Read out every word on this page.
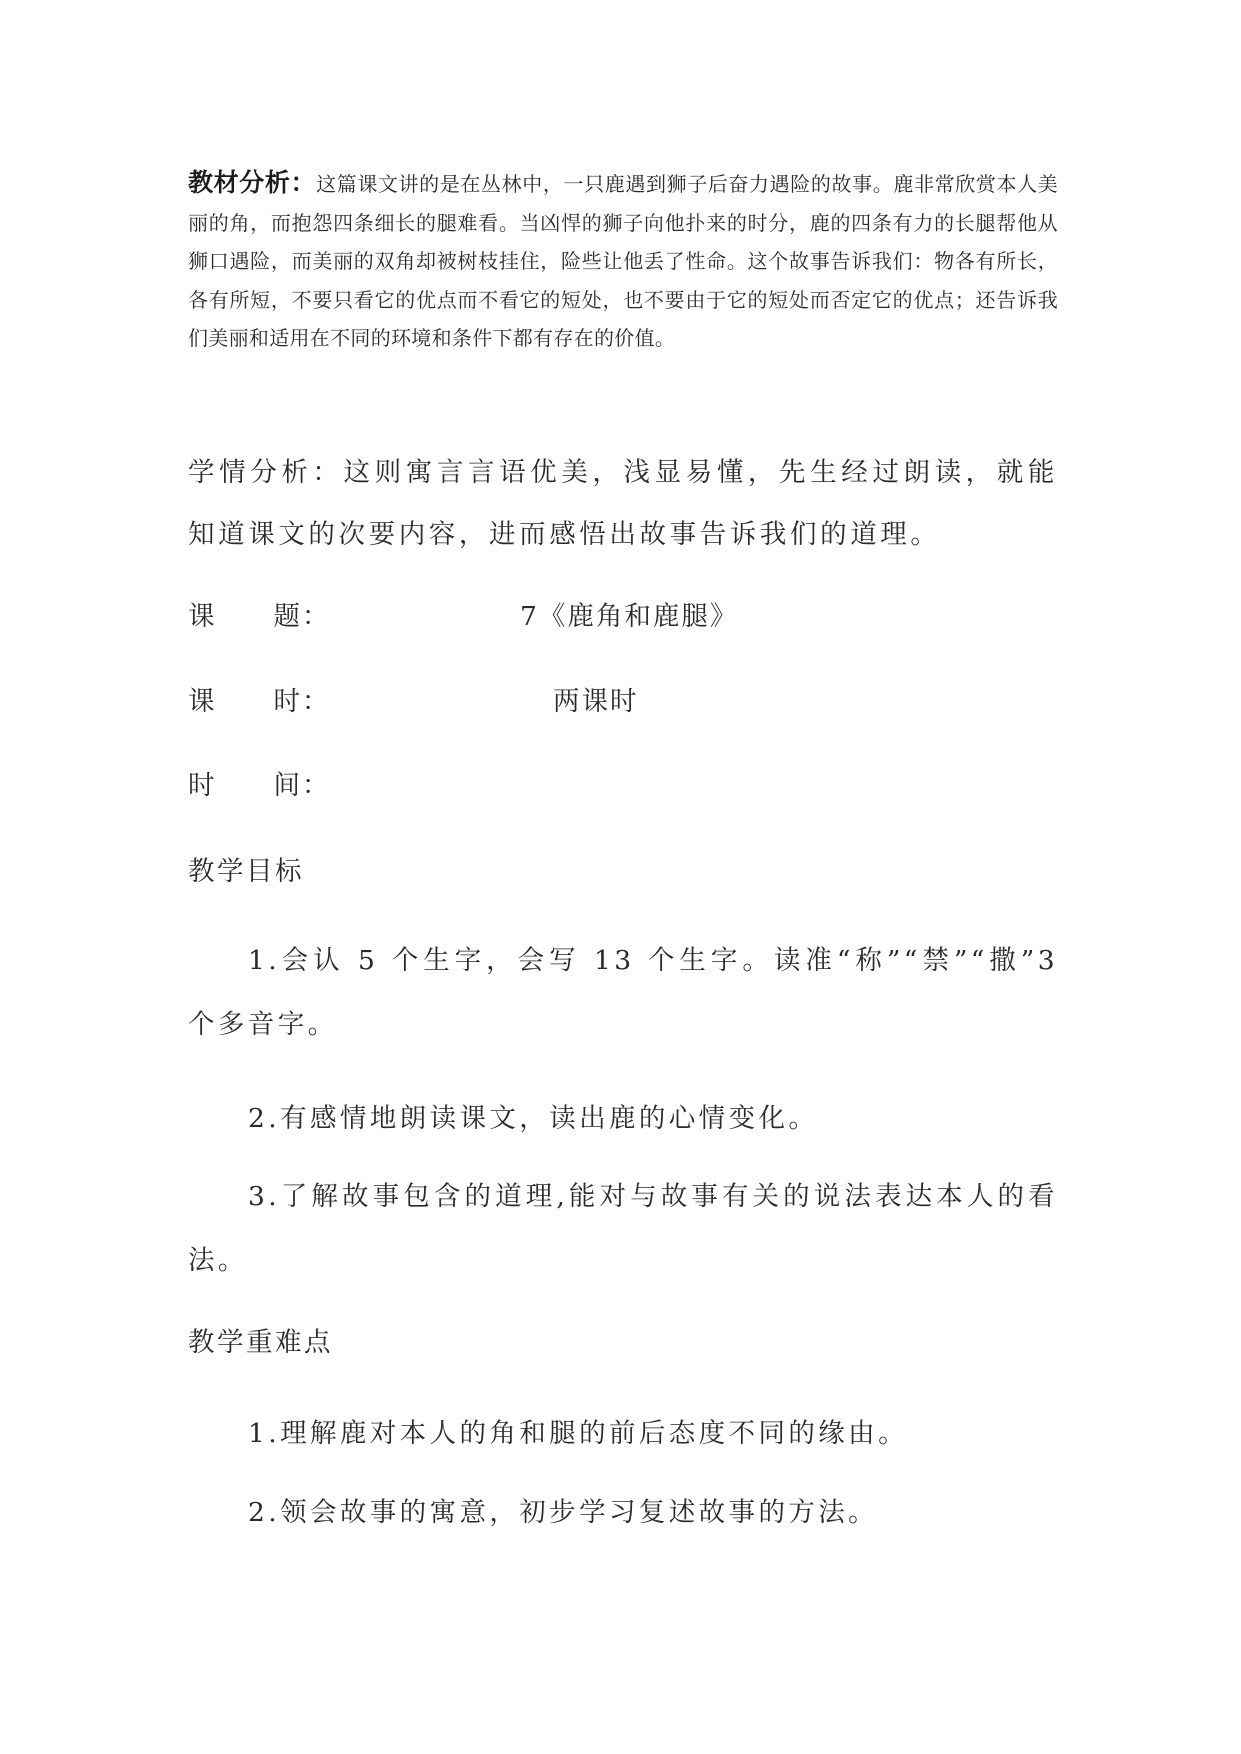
教材分析：这篇课文讲的是在丛林中，一只鹿遇到狮子后奋力遇险的故事。鹿非常欣赏本人美丽的角，而抱怨四条细长的腿难看。当凶悍的狮子向他扑来的时分，鹿的四条有力的长腿帮他从狮口遇险，而美丽的双角却被树枝挂住，险些让他丢了性命。这个故事告诉我们：物各有所长，各有所短，不要只看它的优点而不看它的短处，也不要由于它的短处而否定它的优点；还告诉我们美丽和适用在不同的环境和条件下都有存在的价值。
学情分析：这则寓言言语优美，浅显易懂，先生经过朗读，就能知道课文的次要内容，进而感悟出故事告诉我们的道理。
课　　题：	7《鹿角和鹿腿》
课　　时：	两课时
时　　间：
教学目标
1.会认 5 个生字，会写 13 个生字。读准“称”“禁”“撒”3 个多音字。
2.有感情地朗读课文，读出鹿的心情变化。
3.了解故事包含的道理,能对与故事有关的说法表达本人的看法。
教学重难点
1.理解鹿对本人的角和腿的前后态度不同的缘由。
2.领会故事的寓意，初步学习复述故事的方法。
